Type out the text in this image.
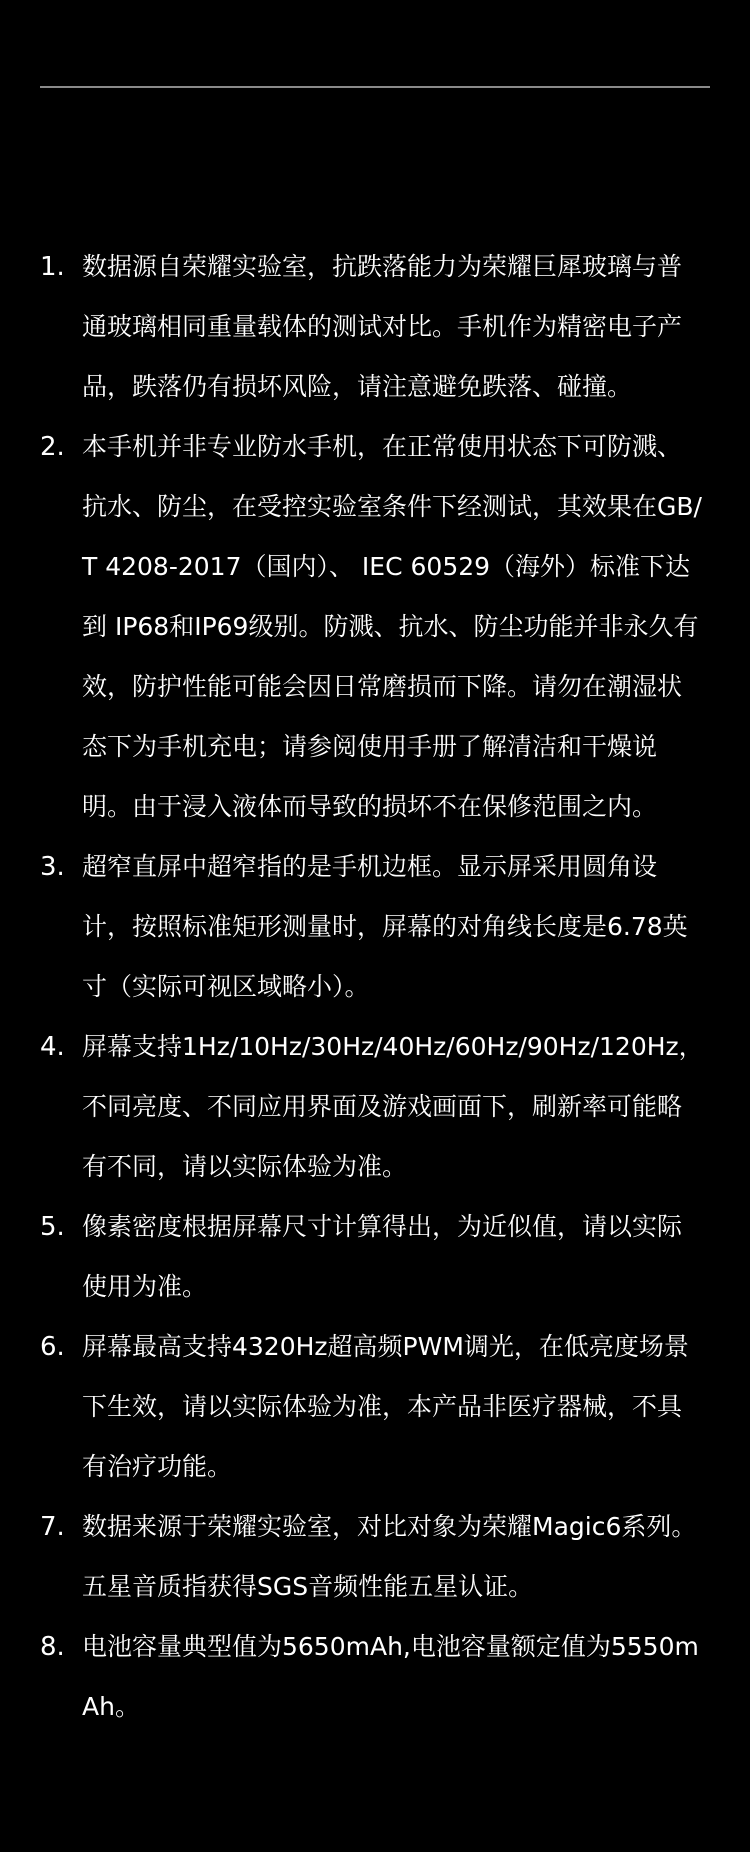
1. 数据源自荣耀实验室，抗跌落能力为荣耀巨犀玻璃与普通玻璃相同重量载体的测试对比。手机作为精密电子产品，跌落仍有损坏风险，请注意避免跌落、碰撞。
2. 本手机并非专业防水手机，在正常使用状态下可防溅、抗水、防尘，在受控实验室条件下经测试，其效果在GB/T 4208-2017（国内）、 IEC 60529（海外）标准下达到 IP68和IP69级别。防溅、抗水、防尘功能并非永久有效，防护性能可能会因日常磨损而下降。请勿在潮湿状态下为手机充电；请参阅使用手册了解清洁和干燥说明。由于浸入液体而导致的损坏不在保修范围之内。
3. 超窄直屏中超窄指的是手机边框。显示屏采用圆角设计，按照标准矩形测量时，屏幕的对角线长度是6.78英寸（实际可视区域略小）。
4. 屏幕支持1Hz/10Hz/30Hz/40Hz/60Hz/90Hz/120Hz，不同亮度、不同应用界面及游戏画面下，刷新率可能略有不同，请以实际体验为准。
5. 像素密度根据屏幕尺寸计算得出，为近似值，请以实际使用为准。
6. 屏幕最高支持4320Hz超高频PWM调光，在低亮度场景下生效，请以实际体验为准，本产品非医疗器械，不具有治疗功能。
7. 数据来源于荣耀实验室，对比对象为荣耀Magic6系列。五星音质指获得SGS音频性能五星认证。
8. 电池容量典型值为5650mAh,电池容量额定值为5550mAh。
